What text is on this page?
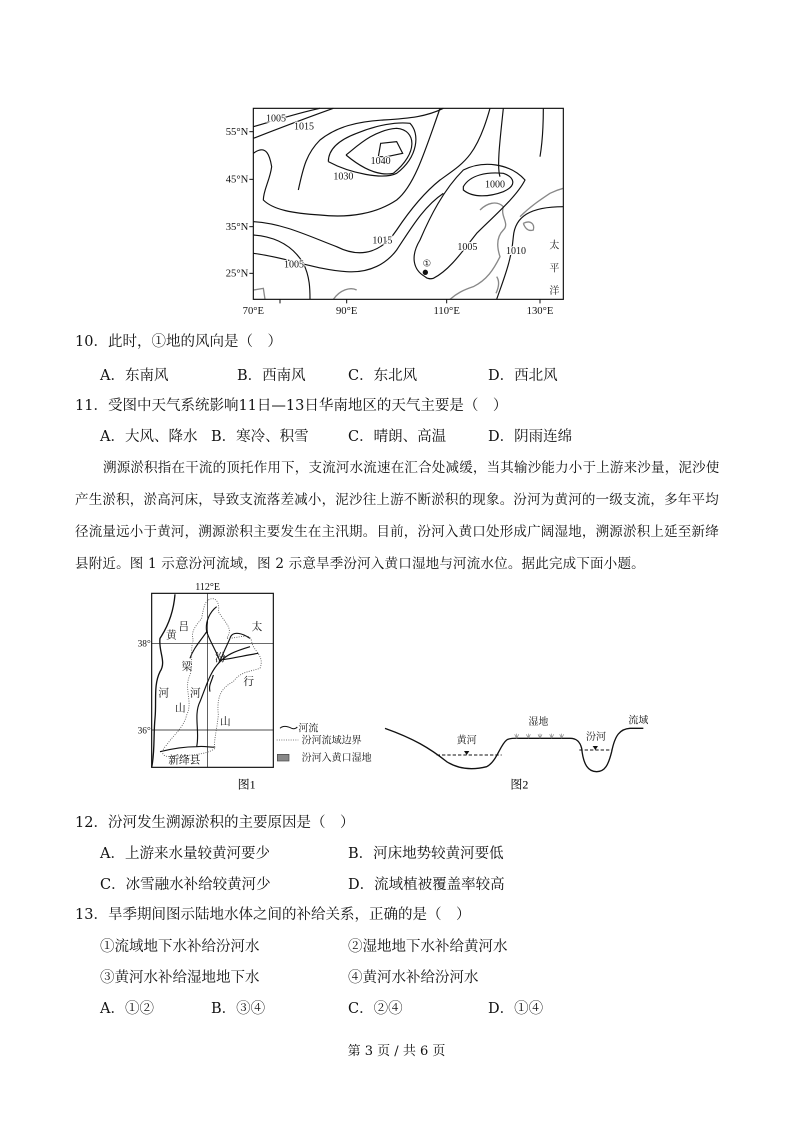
55°N
45°N
35°N
25°N
70°E 90°E 110°E 130°E
1005
1015
1040
1030
1000
1015
1005
1010
1005
①
太
平
洋
10．此时，①地的风向是（　）
A．东南风	B．西南风	C．东北风	D．西北风
11．受图中天气系统影响11日—13日华南地区的天气主要是（　）
A．大风、降水 B．寒冷、积雪	C．晴朗、高温	D．阴雨连绵
溯源淤积指在干流的顶托作用下，支流河水流速在汇合处减缓，当其输沙能力小于上游来沙量，泥沙使产生淤积，淤高河床，导致支流落差减小，泥沙往上游不断淤积的现象。汾河为黄河的一级支流，多年平均径流量远小于黄河，溯源淤积主要发生在主汛期。目前，汾河入黄口处形成广阔湿地，溯源淤积上延至新绛县附近。图 1 示意汾河流域，图 2 示意旱季汾河入黄口湿地与河流水位。据此完成下面小题。
112°E
38°
36°
吕
黄
太
梁
汾
行
河 河
山
山
新绛县
河流
汾河流域边界
汾河入黄口湿地
图1
黄河
湿地
汾河
流域
图2
12．汾河发生溯源淤积的主要原因是（　）
A．上游来水量较黄河要少	B．河床地势较黄河要低
C．冰雪融水补给较黄河少	D．流域植被覆盖率较高
13．旱季期间图示陆地水体之间的补给关系，正确的是（　）
①流域地下水补给汾河水	②湿地地下水补给黄河水
③黄河水补给湿地地下水	④黄河水补给汾河水
A．①②	B．③④	C．②④	D．①④
第 3 页 / 共 6 页
